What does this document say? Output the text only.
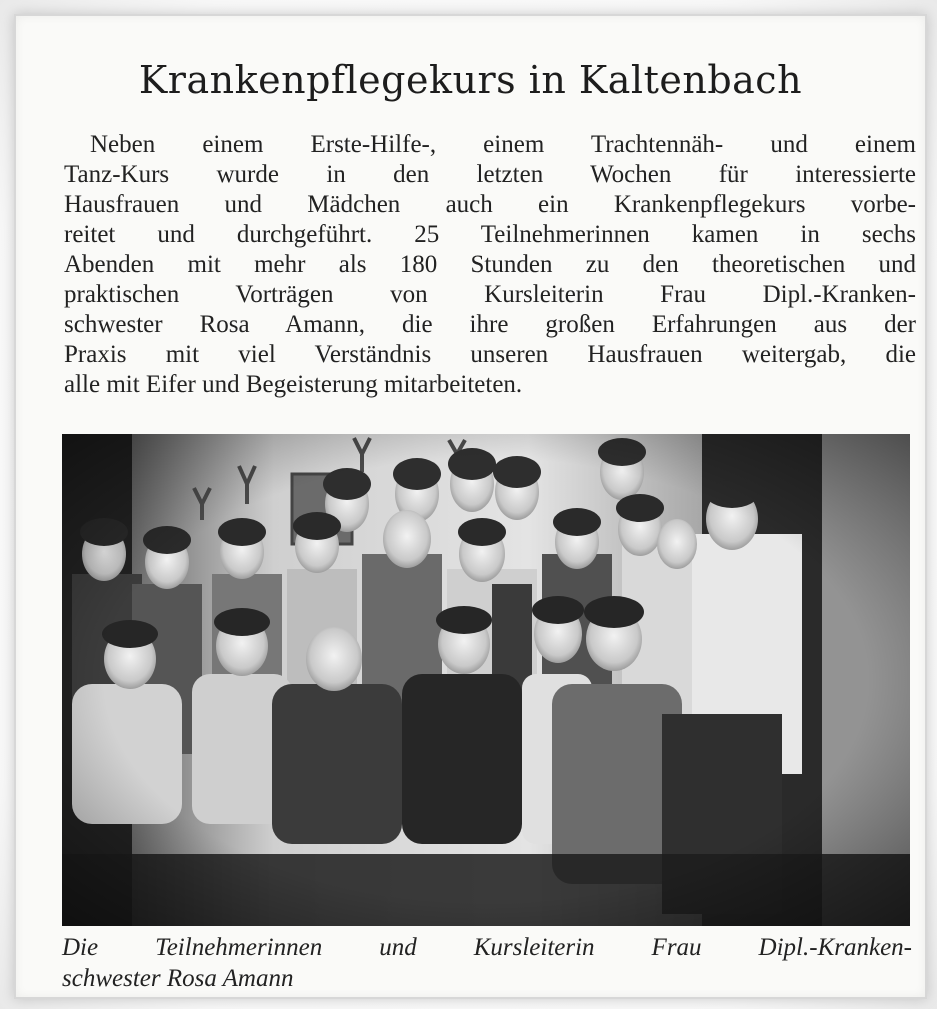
Krankenpflegekurs in Kaltenbach
Neben einem Erste-Hilfe-, einem Trachtennäh- und einem
Tanz-Kurs wurde in den letzten Wochen für interessierte
Hausfrauen und Mädchen auch ein Krankenpflegekurs vorbe-
reitet und durchgeführt. 25 Teilnehmerinnen kamen in sechs
Abenden mit mehr als 180 Stunden zu den theoretischen und
praktischen Vorträgen von Kursleiterin Frau Dipl.-Kranken-
schwester Rosa Amann, die ihre großen Erfahrungen aus der
Praxis mit viel Verständnis unseren Hausfrauen weitergab, die
alle mit Eifer und Begeisterung mitarbeiteten.
Die Teilnehmerinnen und Kursleiterin Frau Dipl.-Kranken-
schwester Rosa Amann
